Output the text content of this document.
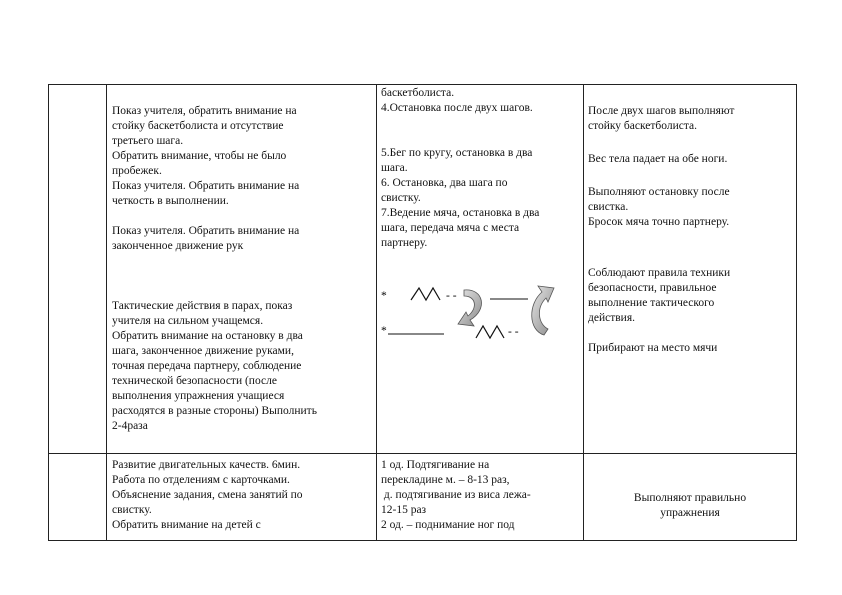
Показ учителя, обратить внимание на

стойку баскетболиста и отсутствие

третьего шага.

Обратить внимание, чтобы не было

пробежек.

Показ учителя. Обратить внимание на

четкость в выполнении.

Показ учителя. Обратить внимание на

законченное движение рук

Тактические действия в парах, показ

учителя на сильном учащемся.

Обратить внимание на остановку в два

шага, законченное движение руками,

точная передача партнеру, соблюдение

технической безопасности (после

выполнения упражнения учащиеся

расходятся в разные стороны) Выполнить

2-4раза

баскетболиста.

4.Остановка после двух шагов.

5.Бег по кругу, остановка в два

шага.

6. Остановка, два шага по

свистку.

7.Ведение мяча, остановка в два

шага, передача мяча с места

партнеру.

*	- -
*	- -

После двух шагов выполняют

стойку баскетболиста.

Вес тела падает на обе ноги.

Выполняют остановку после

свистка.

Бросок мяча точно партнеру.

Соблюдают правила техники

безопасности, правильное

выполнение тактического

действия.

Прибирают на место мячи

Развитие двигательных качеств. 6мин.

Работа по отделениям с карточками.

Объяснение задания, смена занятий по

свистку.

Обратить внимание на детей с

1 од. Подтягивание на

перекладине м. – 8-13 раз,

д. подтягивание из виса лежа-

12-15 раз

2 од. – поднимание ног под

Выполняют правильно

упражнения
